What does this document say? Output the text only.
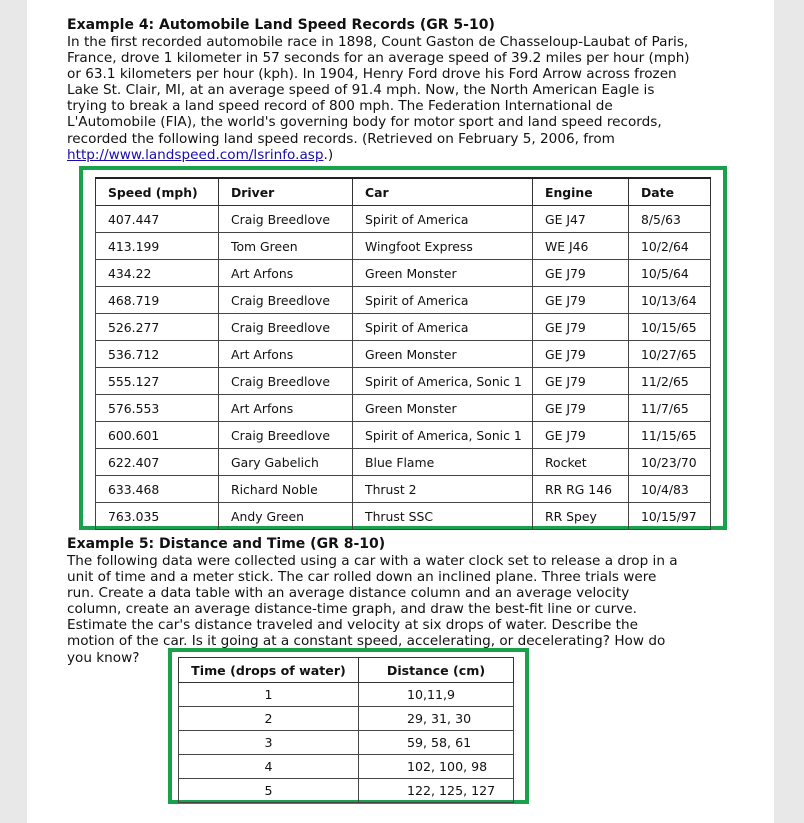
Example 4: Automobile Land Speed Records (GR 5-10)
In the first recorded automobile race in 1898, Count Gaston de Chasseloup-Laubat of Paris, France, drove 1 kilometer in 57 seconds for an average speed of 39.2 miles per hour (mph) or 63.1 kilometers per hour (kph). In 1904, Henry Ford drove his Ford Arrow across frozen Lake St. Clair, MI, at an average speed of 91.4 mph. Now, the North American Eagle is trying to break a land speed record of 800 mph. The Federation International de L'Automobile (FIA), the world's governing body for motor sport and land speed records, recorded the following land speed records. (Retrieved on February 5, 2006, from http://www.landspeed.com/lsrinfo.asp.)
Speed (mph)	Driver	Car	Engine	Date
407.447	Craig Breedlove	Spirit of America	GE J47	8/5/63
413.199	Tom Green	Wingfoot Express	WE J46	10/2/64
434.22	Art Arfons	Green Monster	GE J79	10/5/64
468.719	Craig Breedlove	Spirit of America	GE J79	10/13/64
526.277	Craig Breedlove	Spirit of America	GE J79	10/15/65
536.712	Art Arfons	Green Monster	GE J79	10/27/65
555.127	Craig Breedlove	Spirit of America, Sonic 1	GE J79	11/2/65
576.553	Art Arfons	Green Monster	GE J79	11/7/65
600.601	Craig Breedlove	Spirit of America, Sonic 1	GE J79	11/15/65
622.407	Gary Gabelich	Blue Flame	Rocket	10/23/70
633.468	Richard Noble	Thrust 2	RR RG 146	10/4/83
763.035	Andy Green	Thrust SSC	RR Spey	10/15/97
Example 5: Distance and Time (GR 8-10)
The following data were collected using a car with a water clock set to release a drop in a unit of time and a meter stick. The car rolled down an inclined plane. Three trials were run. Create a data table with an average distance column and an average velocity column, create an average distance-time graph, and draw the best-fit line or curve. Estimate the car's distance traveled and velocity at six drops of water. Describe the motion of the car. Is it going at a constant speed, accelerating, or decelerating? How do you know?
Time (drops of water)	Distance (cm)
1	10,11,9
2	29, 31, 30
3	59, 58, 61
4	102, 100, 98
5	122, 125, 127
